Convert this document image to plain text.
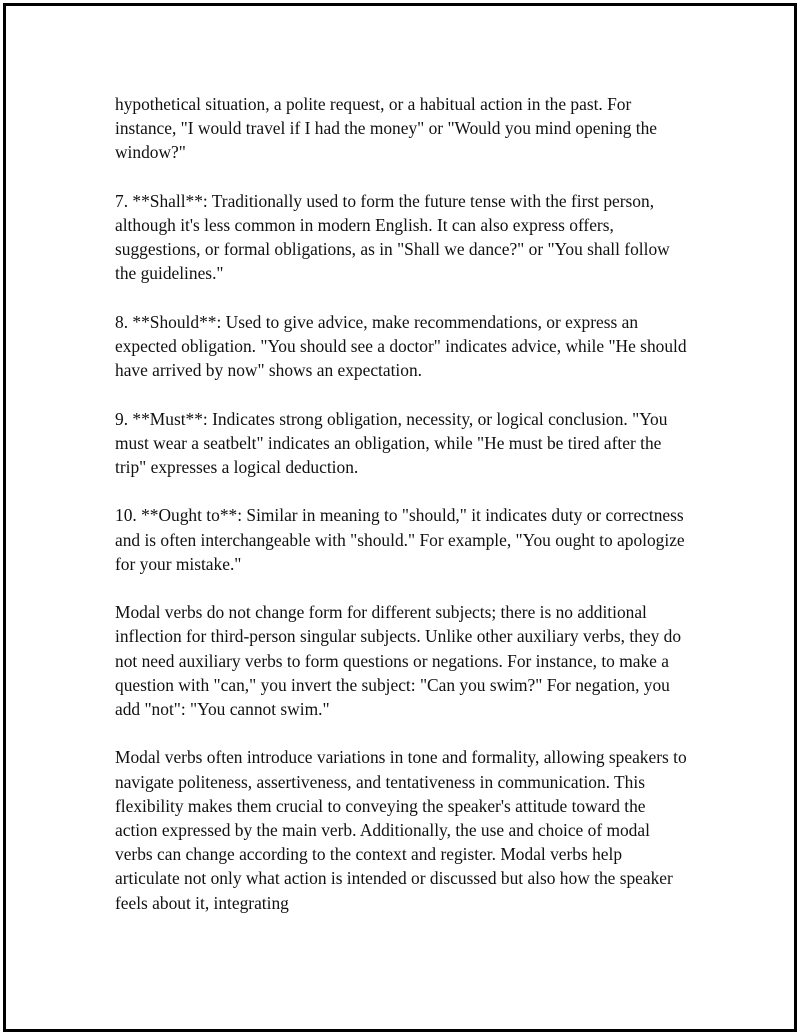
hypothetical situation, a polite request, or a habitual action in the past. For instance, "I would travel if I had the money" or "Would you mind opening the window?"

7. **Shall**: Traditionally used to form the future tense with the first person, although it's less common in modern English. It can also express offers, suggestions, or formal obligations, as in "Shall we dance?" or "You shall follow the guidelines."

8. **Should**: Used to give advice, make recommendations, or express an expected obligation. "You should see a doctor" indicates advice, while "He should have arrived by now" shows an expectation.

9. **Must**: Indicates strong obligation, necessity, or logical conclusion. "You must wear a seatbelt" indicates an obligation, while "He must be tired after the trip" expresses a logical deduction.

10. **Ought to**: Similar in meaning to "should," it indicates duty or correctness and is often interchangeable with "should." For example, "You ought to apologize for your mistake."

Modal verbs do not change form for different subjects; there is no additional inflection for third-person singular subjects. Unlike other auxiliary verbs, they do not need auxiliary verbs to form questions or negations. For instance, to make a question with "can," you invert the subject: "Can you swim?" For negation, you add "not": "You cannot swim."

Modal verbs often introduce variations in tone and formality, allowing speakers to navigate politeness, assertiveness, and tentativeness in communication. This flexibility makes them crucial to conveying the speaker's attitude toward the action expressed by the main verb. Additionally, the use and choice of modal verbs can change according to the context and register. Modal verbs help articulate not only what action is intended or discussed but also how the speaker feels about it, integrating
